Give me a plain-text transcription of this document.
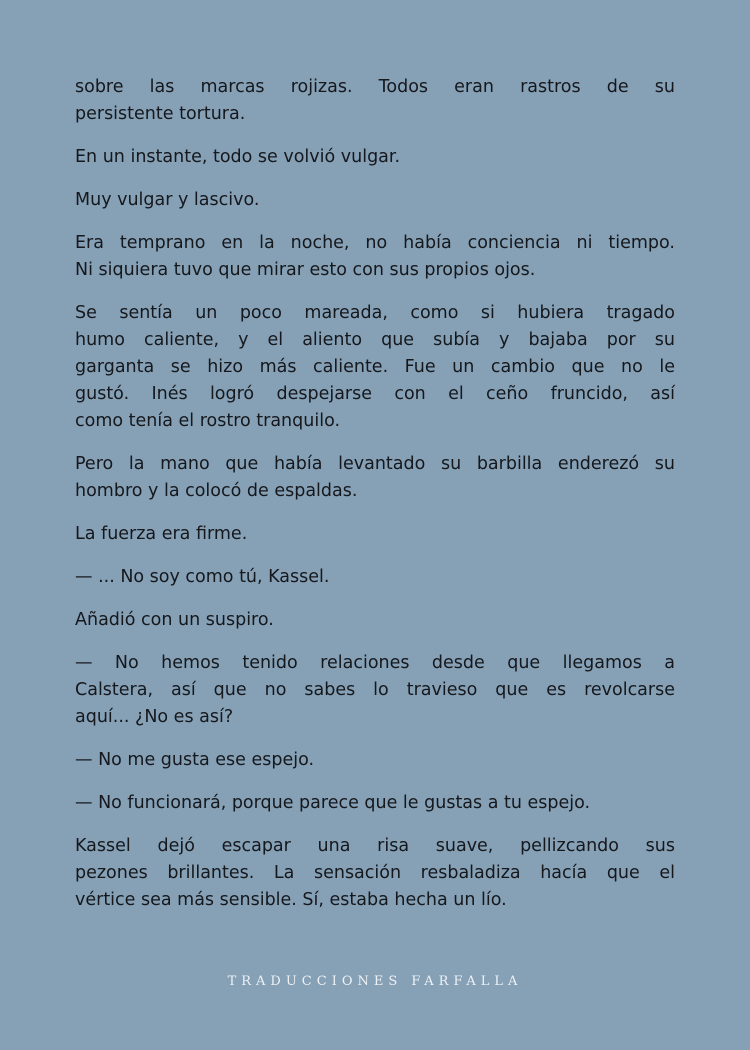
sobre las marcas rojizas. Todos eran rastros de su
persistente tortura.
En un instante, todo se volvió vulgar.
Muy vulgar y lascivo.
Era temprano en la noche, no había conciencia ni tiempo.
Ni siquiera tuvo que mirar esto con sus propios ojos.
Se sentía un poco mareada, como si hubiera tragado
humo caliente, y el aliento que subía y bajaba por su
garganta se hizo más caliente. Fue un cambio que no le
gustó. Inés logró despejarse con el ceño fruncido, así
como tenía el rostro tranquilo.
Pero la mano que había levantado su barbilla enderezó su
hombro y la colocó de espaldas.
La fuerza era firme.
— ... No soy como tú, Kassel.
Añadió con un suspiro.
— No hemos tenido relaciones desde que llegamos a
Calstera, así que no sabes lo travieso que es revolcarse
aquí... ¿No es así?
— No me gusta ese espejo.
— No funcionará, porque parece que le gustas a tu espejo.
Kassel dejó escapar una risa suave, pellizcando sus
pezones brillantes. La sensación resbaladiza hacía que el
vértice sea más sensible. Sí, estaba hecha un lío.
TRADUCCIONES FARFALLA
